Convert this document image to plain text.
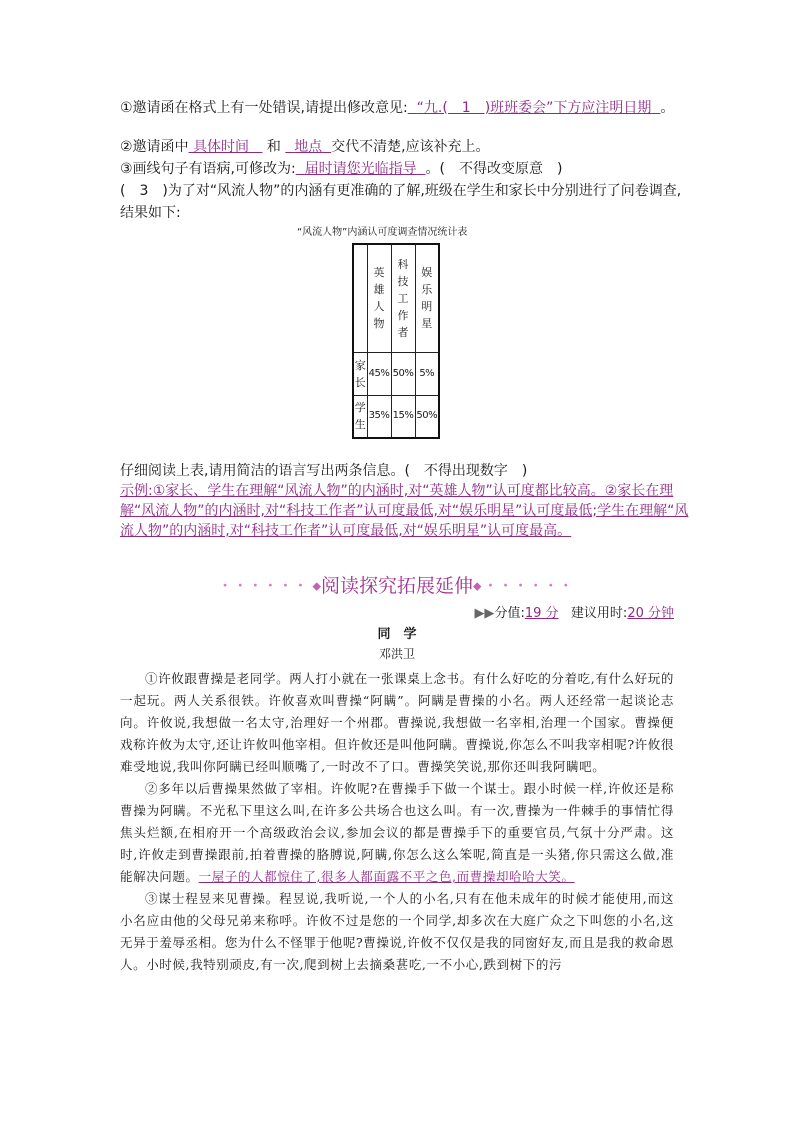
①邀请函在格式上有一处错误,请提出修改意见: “九.(　1　)班班委会”下方应注明日期 。
②邀请函中 具体时间 和 地点 交代不清楚,应该补充上。
③画线句子有语病,可修改为: 届时请您光临指导 。(　不得改变原意　)
(　3　)为了对“风流人物”的内涵有更准确的了解,班级在学生和家长中分别进行了问卷调查,
结果如下:
“风流人物”内涵认可度调查情况统计表
	英雄人物	科技工作者	娱乐明星
家长	45%	50%	5%
学生	35%	15%	50%
仔细阅读上表,请用简洁的语言写出两条信息。(　不得出现数字　)
示例:①家长、学生在理解“风流人物”的内涵时,对“英雄人物”认可度都比较高。②家长在理
解“风流人物”的内涵时,对“科技工作者”认可度最低,对“娱乐明星”认可度最低;学生在理解“风
流人物”的内涵时,对“科技工作者”认可度最低,对“娱乐明星”认可度最高。
• • • • • • ◆阅读探究拓展延伸◆ • • • • • •
▶▶分值:19 分 建议用时:20 分钟
同　学
邓洪卫

①许攸跟曹操是老同学。两人打小就在一张课桌上念书。有什么好吃的分着吃,有什么好玩的一起玩。两人关系很铁。许攸喜欢叫曹操“阿瞒”。阿瞒是曹操的小名。两人还经常一起谈论志向。许攸说,我想做一名太守,治理好一个州郡。曹操说,我想做一名宰相,治理一个国家。曹操便戏称许攸为太守,还让许攸叫他宰相。但许攸还是叫他阿瞒。曹操说,你怎么不叫我宰相呢?许攸很难受地说,我叫你阿瞒已经叫顺嘴了,一时改不了口。曹操笑笑说,那你还叫我阿瞒吧。

②多年以后曹操果然做了宰相。许攸呢?在曹操手下做一个谋士。跟小时候一样,许攸还是称曹操为阿瞒。不光私下里这么叫,在许多公共场合也这么叫。有一次,曹操为一件棘手的事情忙得焦头烂额,在相府开一个高级政治会议,参加会议的都是曹操手下的重要官员,气氛十分严肃。这时,许攸走到曹操跟前,拍着曹操的胳膊说,阿瞒,你怎么这么笨呢,简直是一头猪,你只需这么做,准能解决问题。一屋子的人都惊住了,很多人都面露不平之色,而曹操却哈哈大笑。

③谋士程昱来见曹操。程昱说,我听说,一个人的小名,只有在他未成年的时候才能使用,而这小名应由他的父母兄弟来称呼。许攸不过是您的一个同学,却多次在大庭广众之下叫您的小名,这无异于羞辱丞相。您为什么不怪罪于他呢?曹操说,许攸不仅仅是我的同窗好友,而且是我的救命恩人。小时候,我特别顽皮,有一次,爬到树上去摘桑葚吃,一不小心,跌到树下的污
